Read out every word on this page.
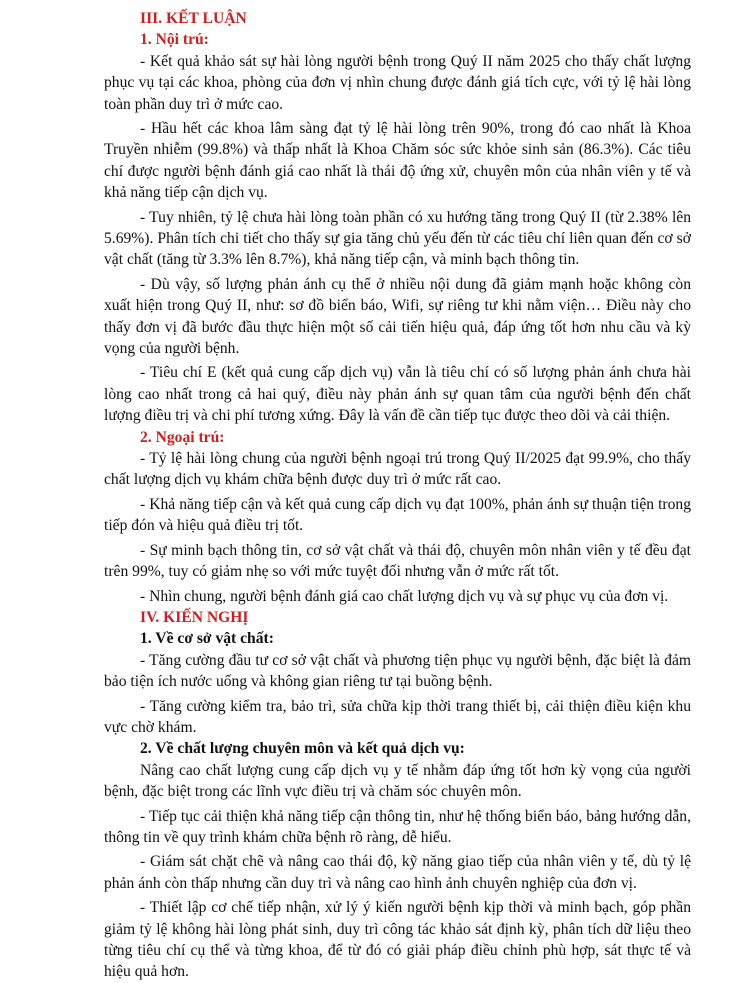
III. KẾT LUẬN
1. Nội trú:

- Kết quả khảo sát sự hài lòng người bệnh trong Quý II năm 2025 cho thấy chất lượng phục vụ tại các khoa, phòng của đơn vị nhìn chung được đánh giá tích cực, với tỷ lệ hài lòng toàn phần duy trì ở mức cao.

- Hầu hết các khoa lâm sàng đạt tỷ lệ hài lòng trên 90%, trong đó cao nhất là Khoa Truyền nhiễm (99.8%) và thấp nhất là Khoa Chăm sóc sức khỏe sinh sản (86.3%). Các tiêu chí được người bệnh đánh giá cao nhất là thái độ ứng xử, chuyên môn của nhân viên y tế và khả năng tiếp cận dịch vụ.

- Tuy nhiên, tỷ lệ chưa hài lòng toàn phần có xu hướng tăng trong Quý II (từ 2.38% lên 5.69%). Phân tích chi tiết cho thấy sự gia tăng chủ yếu đến từ các tiêu chí liên quan đến cơ sở vật chất (tăng từ 3.3% lên 8.7%), khả năng tiếp cận, và minh bạch thông tin.

- Dù vậy, số lượng phản ánh cụ thể ở nhiều nội dung đã giảm mạnh hoặc không còn xuất hiện trong Quý II, như: sơ đồ biển báo, Wifi, sự riêng tư khi nằm viện… Điều này cho thấy đơn vị đã bước đầu thực hiện một số cải tiến hiệu quả, đáp ứng tốt hơn nhu cầu và kỳ vọng của người bệnh.

- Tiêu chí E (kết quả cung cấp dịch vụ) vẫn là tiêu chí có số lượng phản ánh chưa hài lòng cao nhất trong cả hai quý, điều này phản ánh sự quan tâm của người bệnh đến chất lượng điều trị và chi phí tương xứng. Đây là vấn đề cần tiếp tục được theo dõi và cải thiện.

2. Ngoại trú:

- Tỷ lệ hài lòng chung của người bệnh ngoại trú trong Quý II/2025 đạt 99.9%, cho thấy chất lượng dịch vụ khám chữa bệnh được duy trì ở mức rất cao.

- Khả năng tiếp cận và kết quả cung cấp dịch vụ đạt 100%, phản ánh sự thuận tiện trong tiếp đón và hiệu quả điều trị tốt.

- Sự minh bạch thông tin, cơ sở vật chất và thái độ, chuyên môn nhân viên y tế đều đạt trên 99%, tuy có giảm nhẹ so với mức tuyệt đối nhưng vẫn ở mức rất tốt.

- Nhìn chung, người bệnh đánh giá cao chất lượng dịch vụ và sự phục vụ của đơn vị.

IV. KIẾN NGHỊ
1. Về cơ sở vật chất:

- Tăng cường đầu tư cơ sở vật chất và phương tiện phục vụ người bệnh, đặc biệt là đảm bảo tiện ích nước uống và không gian riêng tư tại buồng bệnh.

- Tăng cường kiểm tra, bảo trì, sửa chữa kịp thời trang thiết bị, cải thiện điều kiện khu vực chờ khám.

2. Về chất lượng chuyên môn và kết quả dịch vụ:

Nâng cao chất lượng cung cấp dịch vụ y tế nhằm đáp ứng tốt hơn kỳ vọng của người bệnh, đặc biệt trong các lĩnh vực điều trị và chăm sóc chuyên môn.

- Tiếp tục cải thiện khả năng tiếp cận thông tin, như hệ thống biển báo, bảng hướng dẫn, thông tin về quy trình khám chữa bệnh rõ ràng, dễ hiểu.

- Giám sát chặt chẽ và nâng cao thái độ, kỹ năng giao tiếp của nhân viên y tế, dù tỷ lệ phản ánh còn thấp nhưng cần duy trì và nâng cao hình ảnh chuyên nghiệp của đơn vị.

- Thiết lập cơ chế tiếp nhận, xử lý ý kiến người bệnh kịp thời và minh bạch, góp phần giảm tỷ lệ không hài lòng phát sinh, duy trì công tác khảo sát định kỳ, phân tích dữ liệu theo từng tiêu chí cụ thể và từng khoa, để từ đó có giải pháp điều chỉnh phù hợp, sát thực tế và hiệu quả hơn.
